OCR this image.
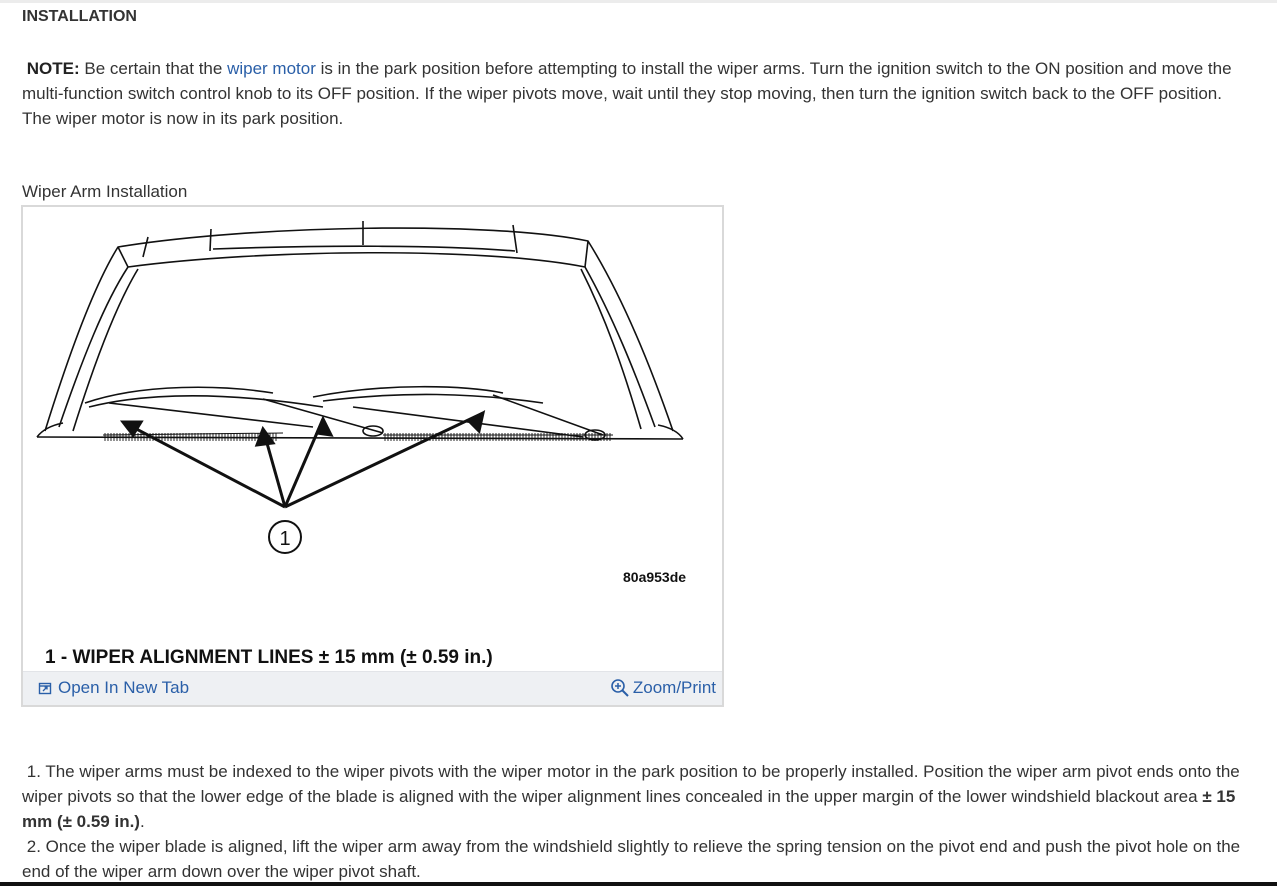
INSTALLATION
NOTE: Be certain that the wiper motor is in the park position before attempting to install the wiper arms. Turn the ignition switch to the ON position and move the multi-function switch control knob to its OFF position. If the wiper pivots move, wait until they stop moving, then turn the ignition switch back to the OFF position. The wiper motor is now in its park position.
Wiper Arm Installation
1
80a953de
1 - WIPER ALIGNMENT LINES ± 15 mm (± 0.59 in.)
Open In New Tab	Zoom/Print

1. The wiper arms must be indexed to the wiper pivots with the wiper motor in the park position to be properly installed. Position the wiper arm pivot ends onto the wiper pivots so that the lower edge of the blade is aligned with the wiper alignment lines concealed in the upper margin of the lower windshield blackout area ± 15 mm (± 0.59 in.).

2. Once the wiper blade is aligned, lift the wiper arm away from the windshield slightly to relieve the spring tension on the pivot end and push the pivot hole on the end of the wiper arm down over the wiper pivot shaft.
